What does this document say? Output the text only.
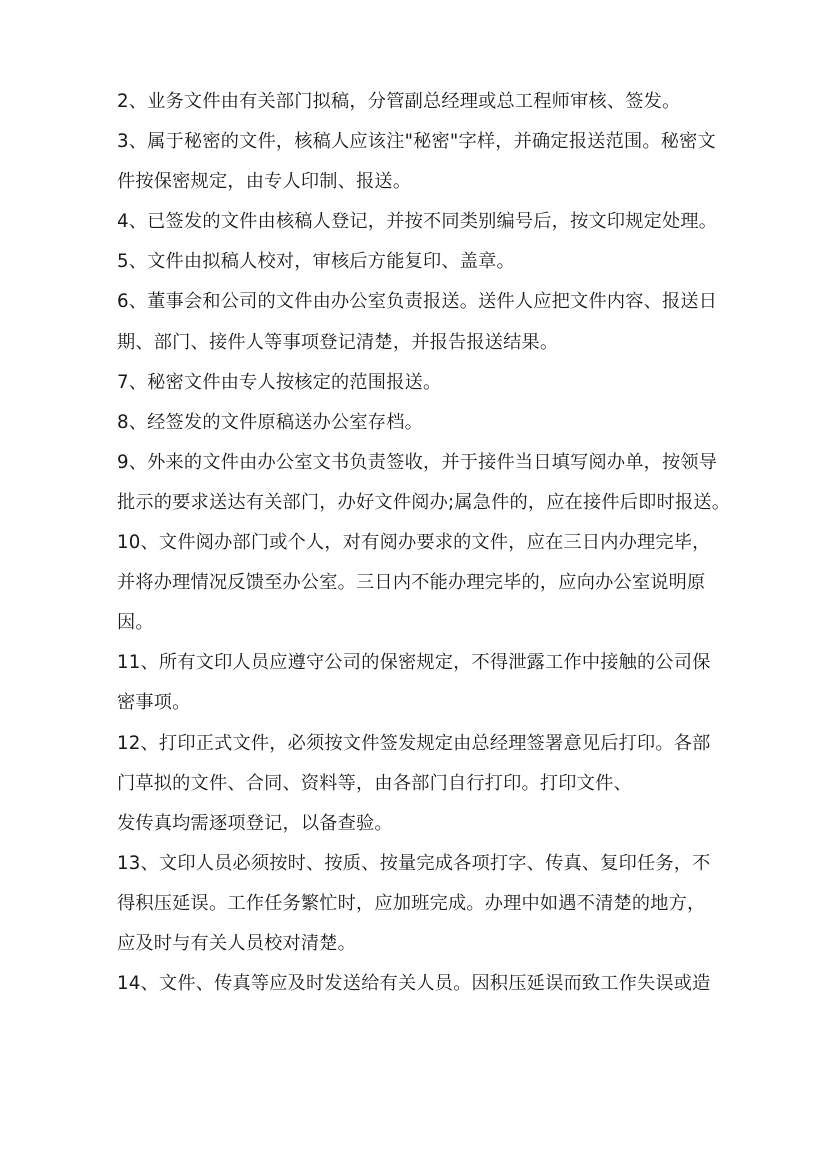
2、业务文件由有关部门拟稿，分管副总经理或总工程师审核、签发。
3、属于秘密的文件，核稿人应该注"秘密"字样，并确定报送范围。秘密文
件按保密规定，由专人印制、报送。
4、已签发的文件由核稿人登记，并按不同类别编号后，按文印规定处理。
5、文件由拟稿人校对，审核后方能复印、盖章。
6、董事会和公司的文件由办公室负责报送。送件人应把文件内容、报送日
期、部门、接件人等事项登记清楚，并报告报送结果。
7、秘密文件由专人按核定的范围报送。
8、经签发的文件原稿送办公室存档。
9、外来的文件由办公室文书负责签收，并于接件当日填写阅办单，按领导
批示的要求送达有关部门，办好文件阅办;属急件的，应在接件后即时报送。
10、文件阅办部门或个人，对有阅办要求的文件，应在三日内办理完毕，
并将办理情况反馈至办公室。三日内不能办理完毕的，应向办公室说明原
因。
11、所有文印人员应遵守公司的保密规定，不得泄露工作中接触的公司保
密事项。
12、打印正式文件，必须按文件签发规定由总经理签署意见后打印。各部
门草拟的文件、合同、资料等，由各部门自行打印。打印文件、
发传真均需逐项登记，以备查验。
13、文印人员必须按时、按质、按量完成各项打字、传真、复印任务，不
得积压延误。工作任务繁忙时，应加班完成。办理中如遇不清楚的地方，
应及时与有关人员校对清楚。
14、文件、传真等应及时发送给有关人员。因积压延误而致工作失误或造
